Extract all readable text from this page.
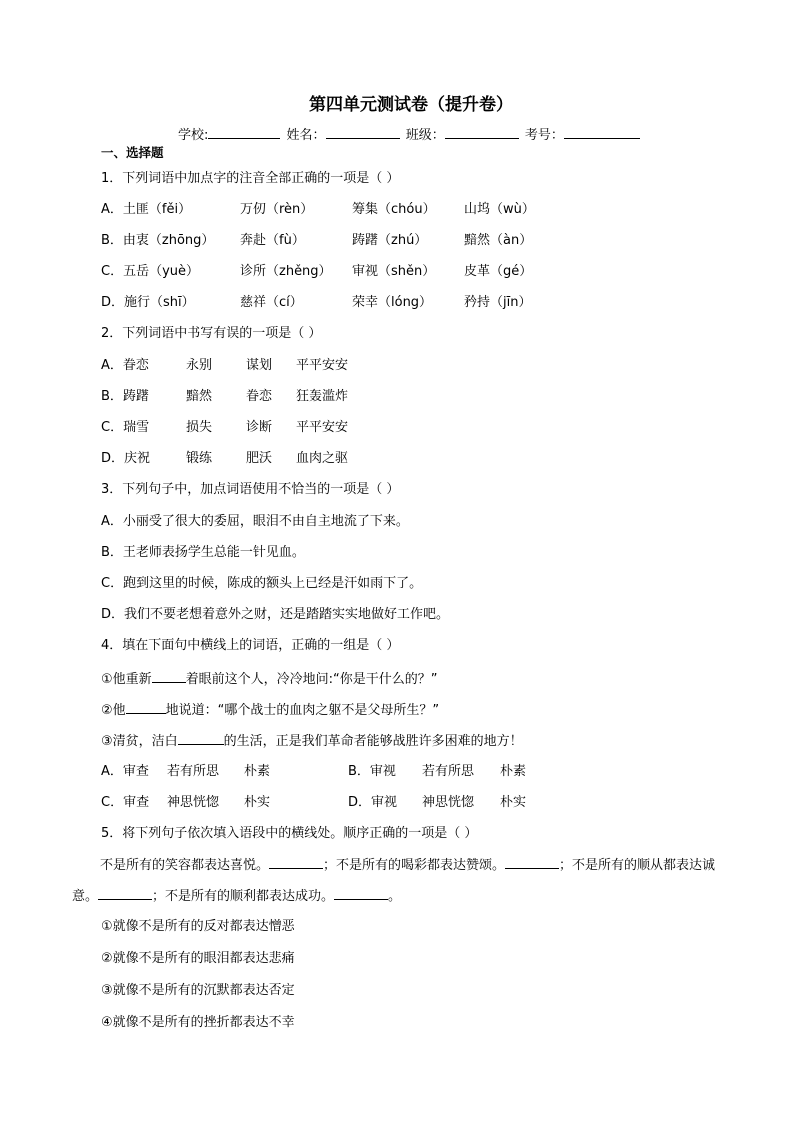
第四单元测试卷（提升卷）
学校:	姓名：	班级：	考号：
一、选择题
1．下列词语中加点字的注音全部正确的一项是（ ）
A．土匪（fěi）	万仞（rèn）	筹集（chóu） 山坞（wù）
B．由衷（zhōng） 奔赴（fù）	踌躇（zhú）	黯然（àn）
C．五岳（yuè）	诊所（zhěng） 审视（shěn） 皮革（gé）
D．施行（shī）	慈祥（cí）	荣幸（lóng） 矜持（jīn）
2．下列词语中书写有误的一项是（ ）
A．眷恋	永别	谋划 平平安安
B．踌躇	黯然	眷恋 狂轰滥炸
C．瑞雪	损失	诊断 平平安安
D．庆祝	锻练	肥沃 血肉之驱
3．下列句子中，加点词语使用不恰当的一项是（ ）
A．小丽受了很大的委屈，眼泪不由自主地流了下来。
B．王老师表扬学生总能一针见血。
C．跑到这里的时候，陈成的额头上已经是汗如雨下了。
D．我们不要老想着意外之财，还是踏踏实实地做好工作吧。
4．填在下面句中横线上的词语，正确的一组是（ ）
①他重新	着眼前这个人，冷冷地问:“你是干什么的？”
②他	地说道：“哪个战士的血肉之躯不是父母所生？”
③清贫，洁白	的生活，正是我们革命者能够战胜许多困难的地方！
A．审查 若有所思 朴素	B．审视 若有所思 朴素
C．审查 神思恍惚 朴实	D．审视 神思恍惚 朴实
5．将下列句子依次填入语段中的横线处。顺序正确的一项是（ ）
不是所有的笑容都表达喜悦。	；不是所有的喝彩都表达赞颂。	；不是所有的顺从都表达诚意。	；不是所有的顺利都表达成功。	。
①就像不是所有的反对都表达憎恶
②就像不是所有的眼泪都表达悲痛
③就像不是所有的沉默都表达否定
④就像不是所有的挫折都表达不幸
